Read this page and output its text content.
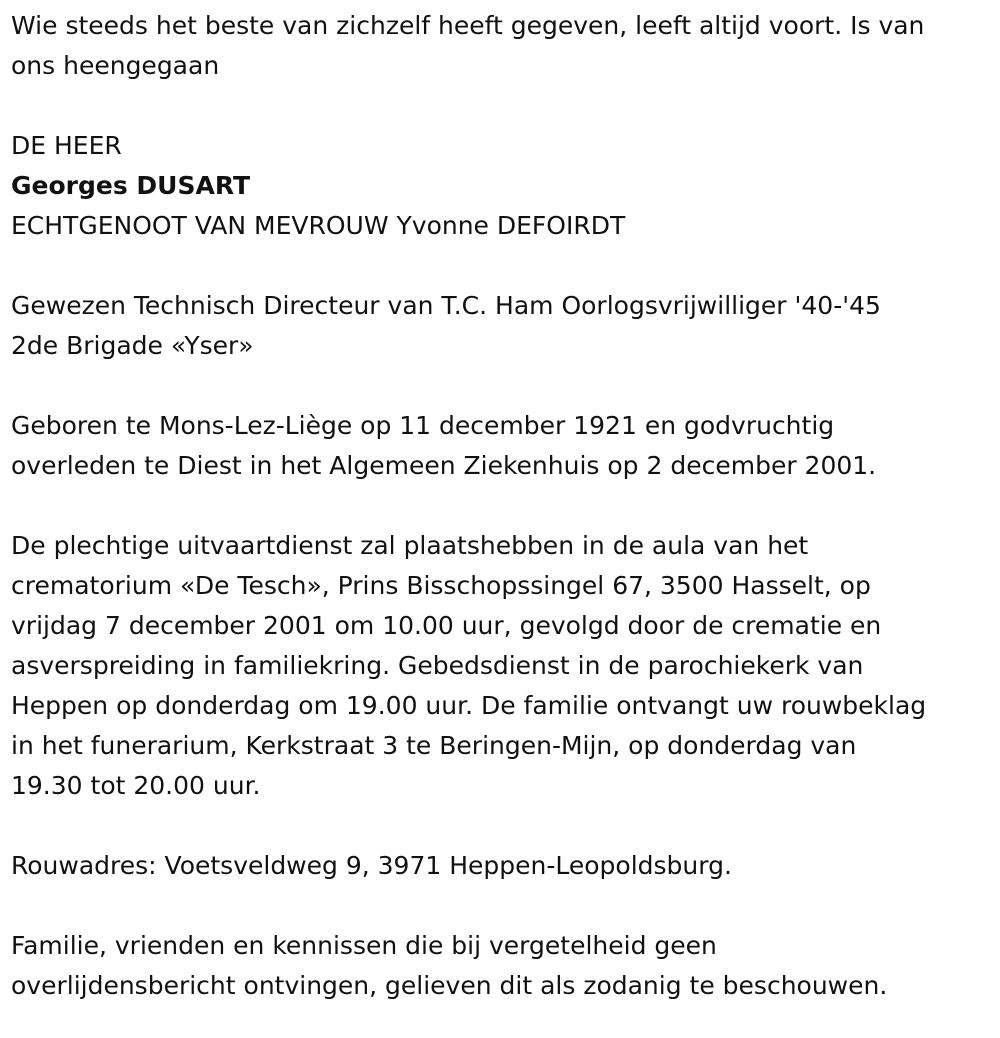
Wie steeds het beste van zichzelf heeft gegeven, leeft altijd voort. Is van
ons heengegaan

DE HEER

Georges DUSART

ECHTGENOOT VAN MEVROUW Yvonne DEFOIRDT

Gewezen Technisch Directeur van T.C. Ham Oorlogsvrijwilliger '40-'45
2de Brigade «Yser»

Geboren te Mons-Lez-Liège op 11 december 1921 en godvruchtig
overleden te Diest in het Algemeen Ziekenhuis op 2 december 2001.

De plechtige uitvaartdienst zal plaatshebben in de aula van het
crematorium «De Tesch», Prins Bisschopssingel 67, 3500 Hasselt, op
vrijdag 7 december 2001 om 10.00 uur, gevolgd door de crematie en
asverspreiding in familiekring. Gebedsdienst in de parochiekerk van
Heppen op donderdag om 19.00 uur. De familie ontvangt uw rouwbeklag
in het funerarium, Kerkstraat 3 te Beringen-Mijn, op donderdag van
19.30 tot 20.00 uur.

Rouwadres: Voetsveldweg 9, 3971 Heppen-Leopoldsburg.

Familie, vrienden en kennissen die bij vergetelheid geen
overlijdensbericht ontvingen, gelieven dit als zodanig te beschouwen.
